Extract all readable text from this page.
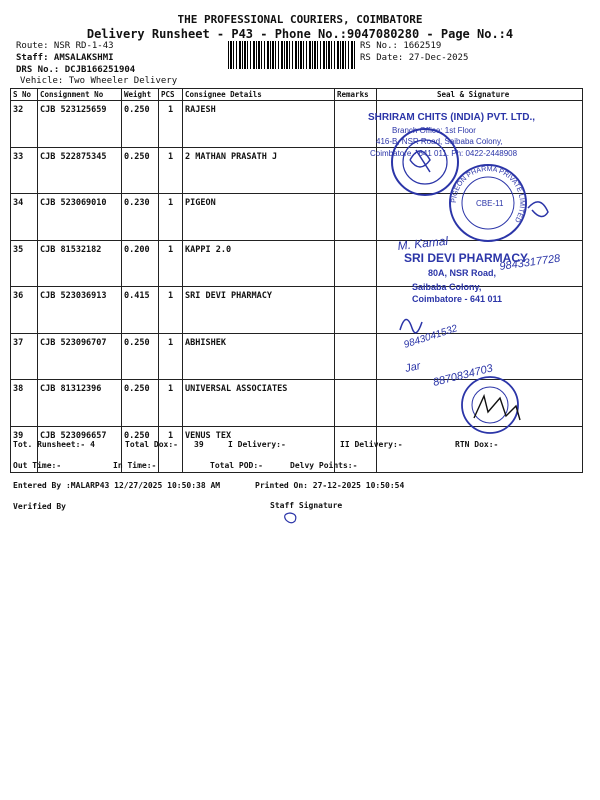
THE PROFESSIONAL COURIERS, COIMBATORE
Delivery Runsheet - P43 - Phone No.:9047080280 - Page No.:4
Route: NSR RD-1-43
Staff: AMSALAKSHMI
DRS No.: DCJB166251904
Vehicle: Two Wheeler Delivery
RS No.: 1662519
RS Date: 27-Dec-2025
S No	Consignment No	Weight	PCS	Consignee Details	Remarks	Seal & Signature
32	CJB 523125659	0.250	1	RAJESH		
33	CJB 522875345	0.250	1	2 MATHAN PRASATH J		
34	CJB 523069010	0.230	1	PIGEON		
35	CJB 81532182	0.200	1	KAPPI 2.0		
36	CJB 523036913	0.415	1	SRI DEVI PHARMACY		
37	CJB 523096707	0.250	1	ABHISHEK		
38	CJB 81312396	0.250	1	UNIVERSAL ASSOCIATES		
39	CJB 523096657	0.250	1	VENUS TEX		
SHRIRAM CHITS (INDIA) PVT. LTD.,
Branch Office: 1st Floor
416-B, NSR Road, Saibaba Colony,
Coimbatore - 641 011. Ph: 0422-2448908
PIGEON PHARMA PRIVATE LIMITED
CBE-11
M. Kamal
9843317728
SRI DEVI PHARMACY
80A, NSR Road,
Saibaba Colony,
Coimbatore - 641 011
9843041532
Jar 8870834703
Tot. Runsheet:- 4	Total Dox:- 39	I Delivery:-	II Delivery:-	RTN Dox:-
Out Time:-	In Time:-	Total POD:-	Delvy Points:-
Entered By :MALARP43 12/27/2025 10:50:38 AM	Printed On: 27-12-2025 10:50:54
Verified By	Staff Signature
